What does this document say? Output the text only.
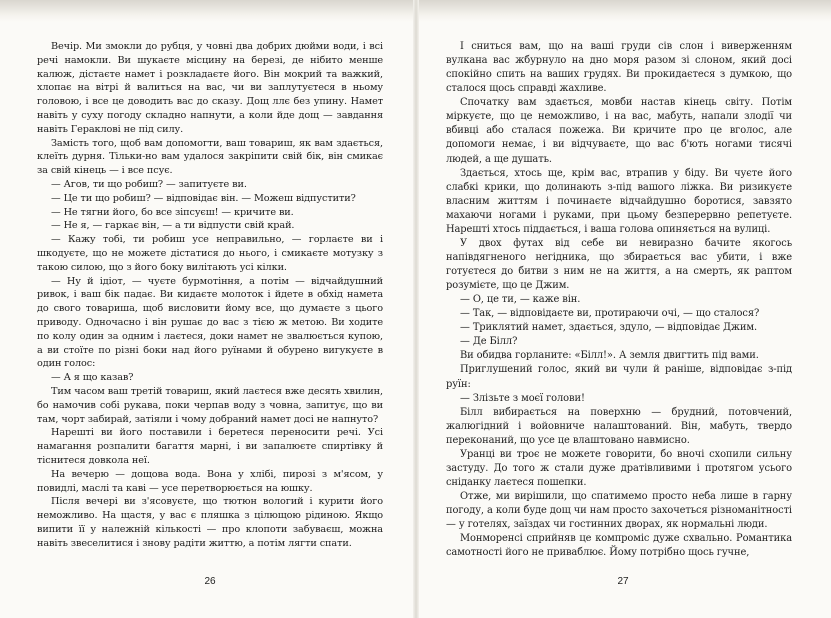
Вечір. Ми змокли до рубця, у човні два добрих дюйми води, і всі речі намокли. Ви шукаєте місцину на березі, де нібито менше калюж, дістаєте намет і розкладаєте його. Він мокрий та важкий, хлопає на вітрі й валиться на вас, чи ви заплутуєтеся в ньому головою, і все це доводить вас до сказу. Дощ ллє без упину. Намет навіть у суху погоду складно напнути, а коли йде дощ — завдання навіть Гераклові не під силу.

Замість того, щоб вам допомогти, ваш товариш, як вам здається, клеїть дурня. Тільки-но вам удалося закріпити свій бік, він смикає за свій кінець — і все псує.

— Агов, ти що робиш? — запитуєте ви.

— Це ти що робиш? — відповідає він. — Можеш відпустити?

— Не тягни його, бо все зіпсуєш! — кричите ви.

— Не я, — гаркає він, — а ти відпусти свій край.

— Кажу тобі, ти робиш усе неправильно, — горлаєте ви і шкодуєте, що не можете дістатися до нього, і смикаєте мотузку з такою силою, що з його боку вилітають усі кілки.

— Ну й ідіот, — чуєте бурмотіння, а потім — відчайдушний ривок, і ваш бік падає. Ви кидаєте молоток і йдете в обхід намета до свого товариша, щоб висловити йому все, що думаєте з цього приводу. Одночасно і він рушає до вас з тією ж метою. Ви ходите по колу один за одним і лаєтеся, доки намет не звалюється купою, а ви стоїте по різні боки над його руїнами й обурено вигукуєте в один голос:

— А я що казав?

Тим часом ваш третій товариш, який лаєтеся вже десять хвилин, бо намочив собі рукава, поки черпав воду з човна, запитує, що ви там, чорт забирай, затіяли і чому добраний намет досі не напнуто?

Нарешті ви його поставили і беретеся переносити речі. Усі намагання розпалити багаття марні, і ви запалюєте спиртівку й тіснитеся довкола неї.

На вечерю — дощова вода. Вона у хлібі, пирозі з м'ясом, у повидлі, маслі та каві — усе перетворюється на юшку.

Після вечері ви з'ясовуєте, що тютюн вологий і курити його неможливо. На щастя, у вас є пляшка з цілющою рідиною. Якщо випити її у належній кількості — про клопоти забуваєш, можна навіть звеселитися і знову радіти життю, а потім лягти спати.

І сниться вам, що на ваші груди сів слон і виверженням вулкана вас жбурнуло на дно моря разом зі слоном, який досі спокійно спить на ваших грудях. Ви прокидаєтеся з думкою, що сталося щось справді жахливе.

Спочатку вам здається, мовби настав кінець світу. Потім міркуєте, що це неможливо, і на вас, мабуть, напали злодії чи вбивці або сталася пожежа. Ви кричите про це вголос, але допомоги немає, і ви відчуваєте, що вас б'ють ногами тисячі людей, а ще душать.

Здається, хтось ще, крім вас, втрапив у біду. Ви чуєте його слабкі крики, що долинають з-під вашого ліжка. Ви ризикуєте власним життям і починаєте відчайдушно боротися, завзято махаючи ногами і руками, при цьому безперервно репетуєте. Нарешті хтось піддається, і ваша голова опиняється на вулиці.

У двох футах від себе ви невиразно бачите якогось напівдягненого негідника, що збирається вас убити, і вже готуєтеся до битви з ним не на життя, а на смерть, як раптом розумієте, що це Джим.

— О, це ти, — каже він.

— Так, — відповідаєте ви, протираючи очі, — що сталося?

— Триклятий намет, здається, здуло, — відповідає Джим.

— Де Білл?

Ви обидва горланите: «Білл!». А земля двигтить під вами.

Приглушений голос, який ви чули й раніше, відповідає з-під руїн:

— Злізьте з моєї голови!

Білл вибирається на поверхню — брудний, потовчений, жалюгідний і войовниче налаштований. Він, мабуть, твердо переконаний, що усе це влаштовано навмисно.

Уранці ви троє не можете говорити, бо вночі схопили сильну застуду. До того ж стали дуже дратівливими і протягом усього сніданку лаєтеся пошепки.

Отже, ми вирішили, що спатимемо просто неба лише в гарну погоду, а коли буде дощ чи нам просто захочеться різноманітності — у готелях, заїздах чи гостинних дворах, як нормальні люди.

Монморенсі сприйняв це компроміс дуже схвально. Романтика самотності його не приваблює. Йому потрібно щось гучне,

26	27
